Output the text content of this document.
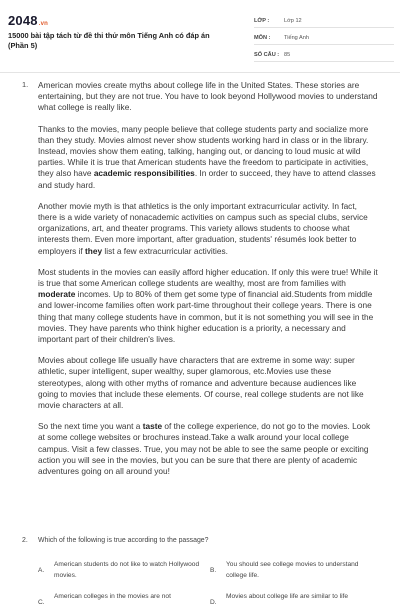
2048.vn
15000 bài tập tách từ đề thi thử môn Tiếng Anh có đáp án (Phần 5)
LỚP :	Lớp 12
MÔN :	Tiếng Anh
SỐ CÂU : 85
1. American movies create myths about college life in the United States. These stories are entertaining, but they are not true. You have to look beyond Hollywood movies to understand what college is really like.

Thanks to the movies, many people believe that college students party and socialize more than they study. Movies almost never show students working hard in class or in the library. Instead, movies show them eating, talking, hanging out, or dancing to loud music at wild parties. While it is true that American students have the freedom to participate in activities, they also have academic responsibilities. In order to succeed, they have to attend classes and study hard.

Another movie myth is that athletics is the only important extracurricular activity. In fact, there is a wide variety of nonacademic activities on campus such as special clubs, service organizations, art, and theater programs. This variety allows students to choose what interests them. Even more important, after graduation, students' résumés look better to employers if they list a few extracurricular activities.

Most students in the movies can easily afford higher education. If only this were true! While it is true that some American college students are wealthy, most are from families with moderate incomes. Up to 80% of them get some type of financial aid.Students from middle and lower-income families often work part-time throughout their college years. There is one thing that many college students have in common, but it is not something you will see in the movies. They have parents who think higher education is a priority, a necessary and important part of their children's lives.

Movies about college life usually have characters that are extreme in some way: super athletic, super intelligent, super wealthy, super glamorous, etc.Movies use these stereotypes, along with other myths of romance and adventure because audiences like going to movies that include these elements. Of course, real college students are not like movie characters at all.

So the next time you want a taste of the college experience, do not go to the movies. Look at some college websites or brochures instead.Take a walk around your local college campus. Visit a few classes. True, you may not be able to see the same people or exciting action you will see in the movies, but you can be sure that there are plenty of academic adventures going on all around you!

2. Which of the following is true according to the passage?
A.
American students do not like to watch Hollywood movies.
B.
You should see college movies to understand college life.
C.
American colleges in the movies are not
D.
Movies about college life are similar to life
